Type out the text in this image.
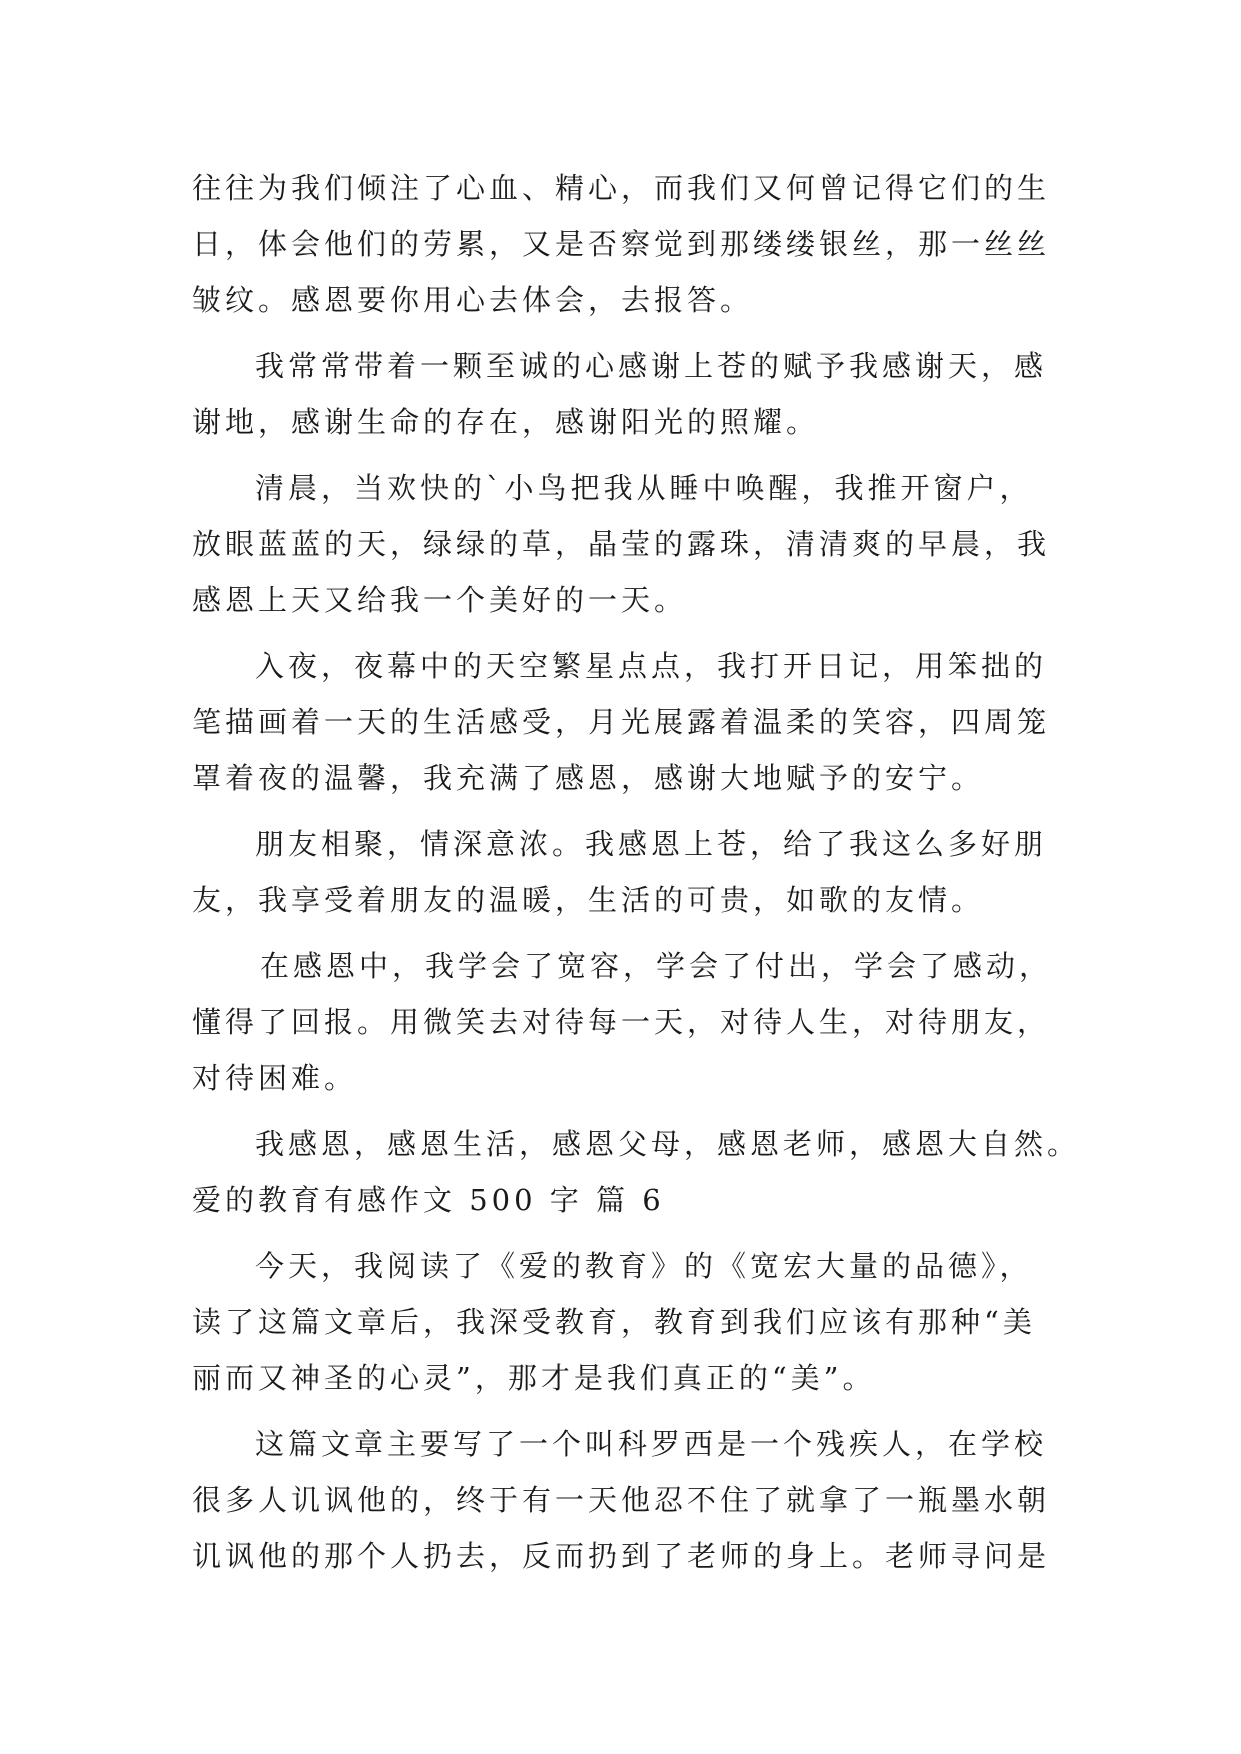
往往为我们倾注了心血、精心，而我们又何曾记得它们的生
日，体会他们的劳累，又是否察觉到那缕缕银丝，那一丝丝
皱纹。感恩要你用心去体会，去报答。
我常常带着一颗至诚的心感谢上苍的赋予我感谢天，感
谢地，感谢生命的存在，感谢阳光的照耀。
清晨，当欢快的`小鸟把我从睡中唤醒，我推开窗户，
放眼蓝蓝的天，绿绿的草，晶莹的露珠，清清爽的早晨，我
感恩上天又给我一个美好的一天。
入夜，夜幕中的天空繁星点点，我打开日记，用笨拙的
笔描画着一天的生活感受，月光展露着温柔的笑容，四周笼
罩着夜的温馨，我充满了感恩，感谢大地赋予的安宁。
朋友相聚，情深意浓。我感恩上苍，给了我这么多好朋
友，我享受着朋友的温暖，生活的可贵，如歌的友情。
在感恩中，我学会了宽容，学会了付出，学会了感动，
懂得了回报。用微笑去对待每一天，对待人生，对待朋友，
对待困难。
我感恩，感恩生活，感恩父母，感恩老师，感恩大自然。
爱的教育有感作文 500 字 篇 6
今天，我阅读了《爱的教育》的《宽宏大量的品德》，
读了这篇文章后，我深受教育，教育到我们应该有那种“美
丽而又神圣的心灵”，那才是我们真正的“美”。
这篇文章主要写了一个叫科罗西是一个残疾人，在学校
很多人讥讽他的，终于有一天他忍不住了就拿了一瓶墨水朝
讥讽他的那个人扔去，反而扔到了老师的身上。老师寻问是
